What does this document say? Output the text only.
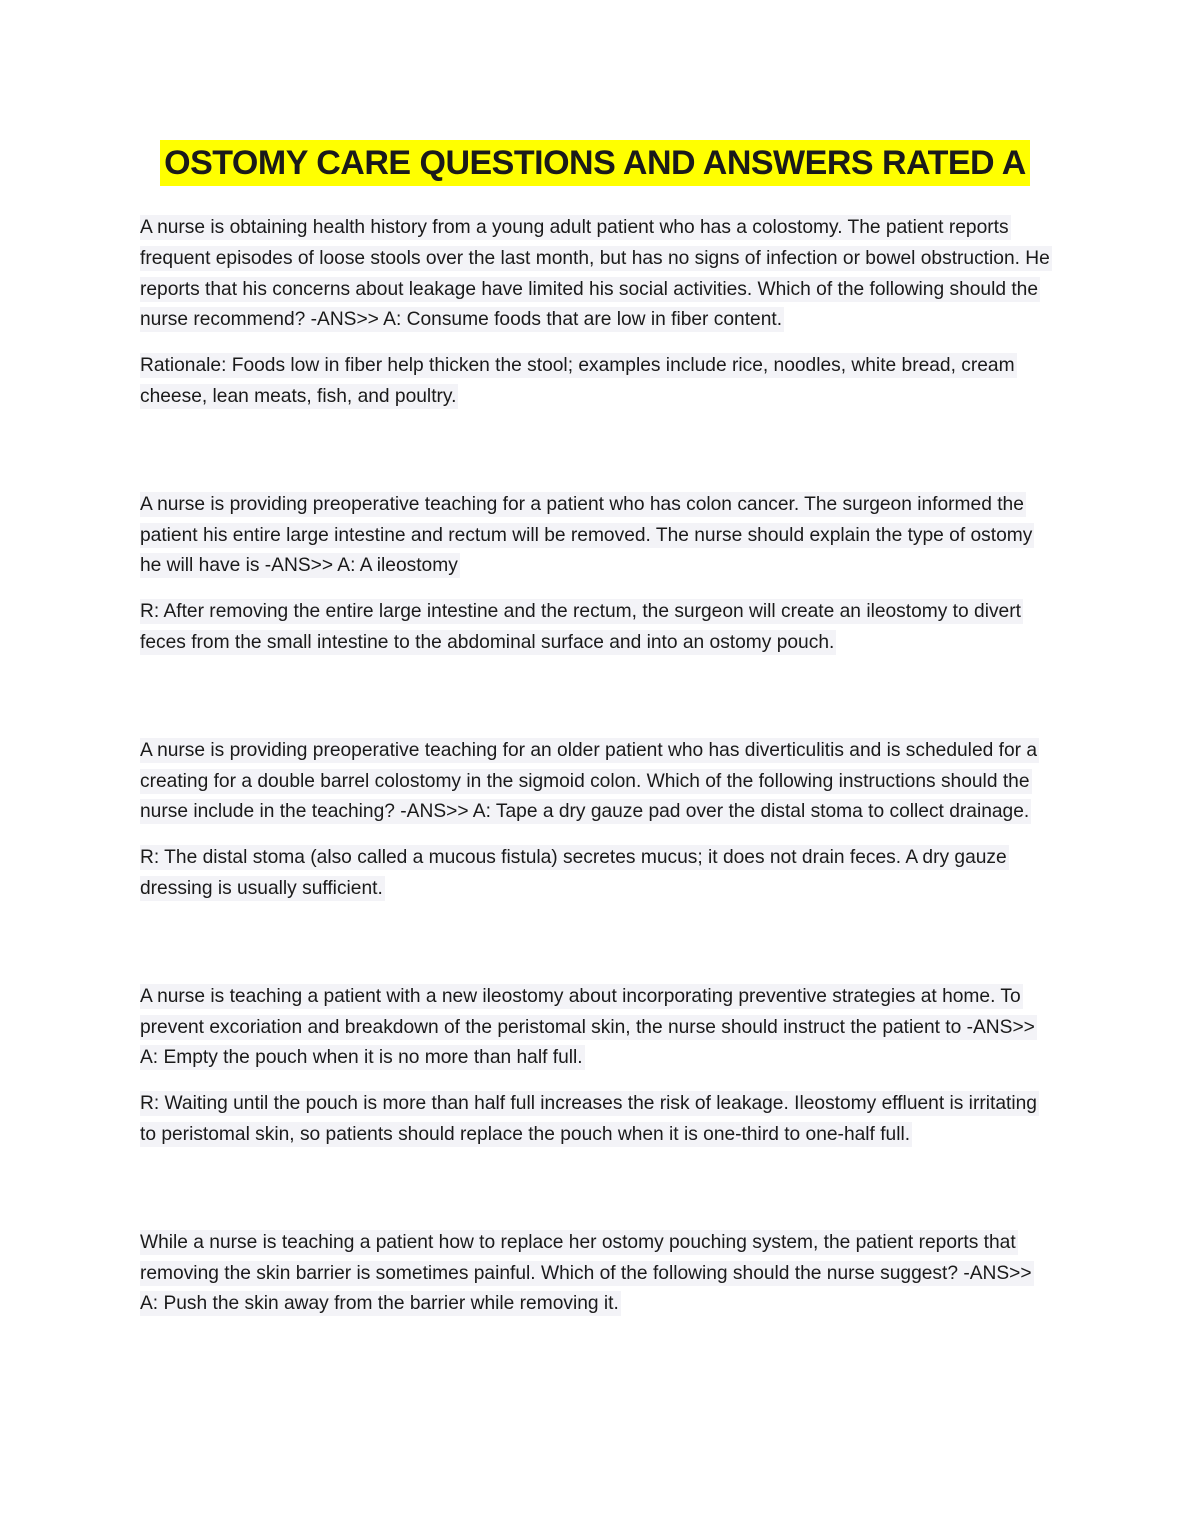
OSTOMY CARE QUESTIONS AND ANSWERS RATED A

A nurse is obtaining health history from a young adult patient who has a colostomy. The patient reports frequent episodes of loose stools over the last month, but has no signs of infection or bowel obstruction. He reports that his concerns about leakage have limited his social activities. Which of the following should the nurse recommend? -ANS>> A: Consume foods that are low in fiber content.

Rationale: Foods low in fiber help thicken the stool; examples include rice, noodles, white bread, cream cheese, lean meats, fish, and poultry.

A nurse is providing preoperative teaching for a patient who has colon cancer. The surgeon informed the patient his entire large intestine and rectum will be removed. The nurse should explain the type of ostomy he will have is -ANS>> A: A ileostomy

R: After removing the entire large intestine and the rectum, the surgeon will create an ileostomy to divert feces from the small intestine to the abdominal surface and into an ostomy pouch.

A nurse is providing preoperative teaching for an older patient who has diverticulitis and is scheduled for a creating for a double barrel colostomy in the sigmoid colon. Which of the following instructions should the nurse include in the teaching? -ANS>> A: Tape a dry gauze pad over the distal stoma to collect drainage.

R: The distal stoma (also called a mucous fistula) secretes mucus; it does not drain feces. A dry gauze dressing is usually sufficient.

A nurse is teaching a patient with a new ileostomy about incorporating preventive strategies at home. To prevent excoriation and breakdown of the peristomal skin, the nurse should instruct the patient to -ANS>> A: Empty the pouch when it is no more than half full.

R: Waiting until the pouch is more than half full increases the risk of leakage. Ileostomy effluent is irritating to peristomal skin, so patients should replace the pouch when it is one-third to one-half full.

While a nurse is teaching a patient how to replace her ostomy pouching system, the patient reports that removing the skin barrier is sometimes painful. Which of the following should the nurse suggest? -ANS>> A: Push the skin away from the barrier while removing it.
